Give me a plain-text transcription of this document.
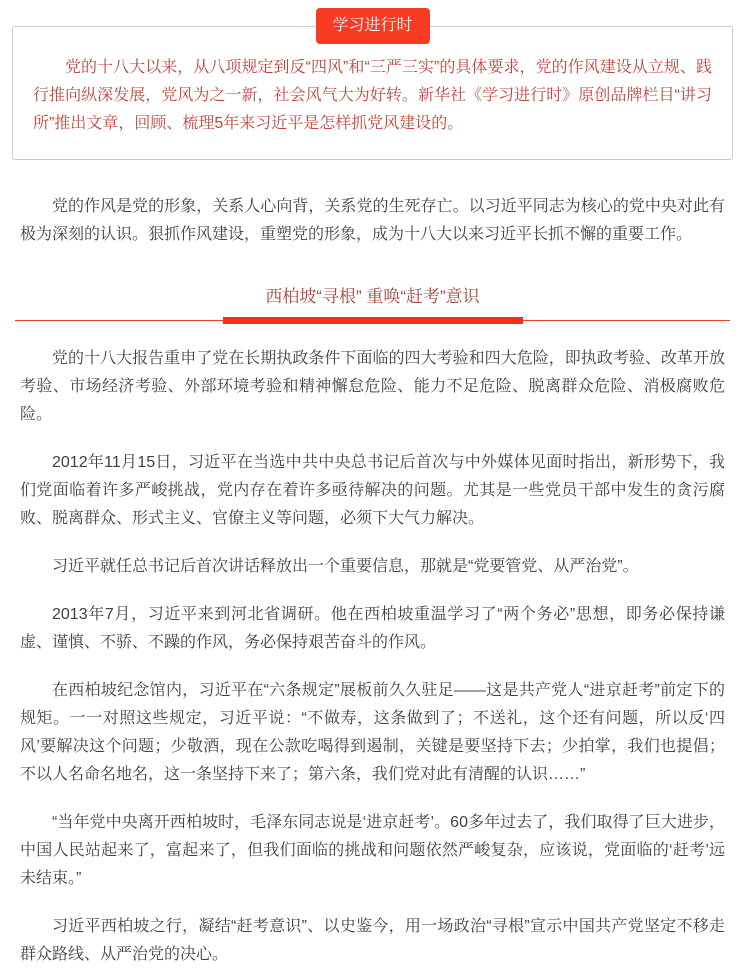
学习进行时

党的十八大以来，从八项规定到反“四风”和“三严三实”的具体要求，党的作风建设从立规、践行推向纵深发展，党风为之一新，社会风气大为好转。新华社《学习进行时》原创品牌栏目“讲习所”推出文章，回顾、梳理5年来习近平是怎样抓党风建设的。

党的作风是党的形象，关系人心向背，关系党的生死存亡。以习近平同志为核心的党中央对此有极为深刻的认识。狠抓作风建设，重塑党的形象，成为十八大以来习近平长抓不懈的重要工作。

西柏坡“寻根” 重唤“赶考”意识

党的十八大报告重申了党在长期执政条件下面临的四大考验和四大危险，即执政考验、改革开放考验、市场经济考验、外部环境考验和精神懈怠危险、能力不足危险、脱离群众危险、消极腐败危险。

2012年11月15日，习近平在当选中共中央总书记后首次与中外媒体见面时指出，新形势下，我们党面临着许多严峻挑战，党内存在着许多亟待解决的问题。尤其是一些党员干部中发生的贪污腐败、脱离群众、形式主义、官僚主义等问题，必须下大气力解决。

习近平就任总书记后首次讲话释放出一个重要信息，那就是“党要管党、从严治党”。

2013年7月，习近平来到河北省调研。他在西柏坡重温学习了“两个务必”思想，即务必保持谦虚、谨慎、不骄、不躁的作风，务必保持艰苦奋斗的作风。

在西柏坡纪念馆内，习近平在“六条规定”展板前久久驻足——这是共产党人“进京赶考”前定下的规矩。一一对照这些规定，习近平说：“不做寿，这条做到了；不送礼，这个还有问题，所以反‘四风’要解决这个问题；少敬酒，现在公款吃喝得到遏制，关键是要坚持下去；少拍掌，我们也提倡；不以人名命名地名，这一条坚持下来了；第六条，我们党对此有清醒的认识……”

“当年党中央离开西柏坡时，毛泽东同志说是‘进京赶考’。60多年过去了，我们取得了巨大进步，中国人民站起来了，富起来了，但我们面临的挑战和问题依然严峻复杂，应该说，党面临的‘赶考’远未结束。”

习近平西柏坡之行，凝结“赶考意识”、以史鉴今，用一场政治“寻根”宣示中国共产党坚定不移走群众路线、从严治党的决心。
